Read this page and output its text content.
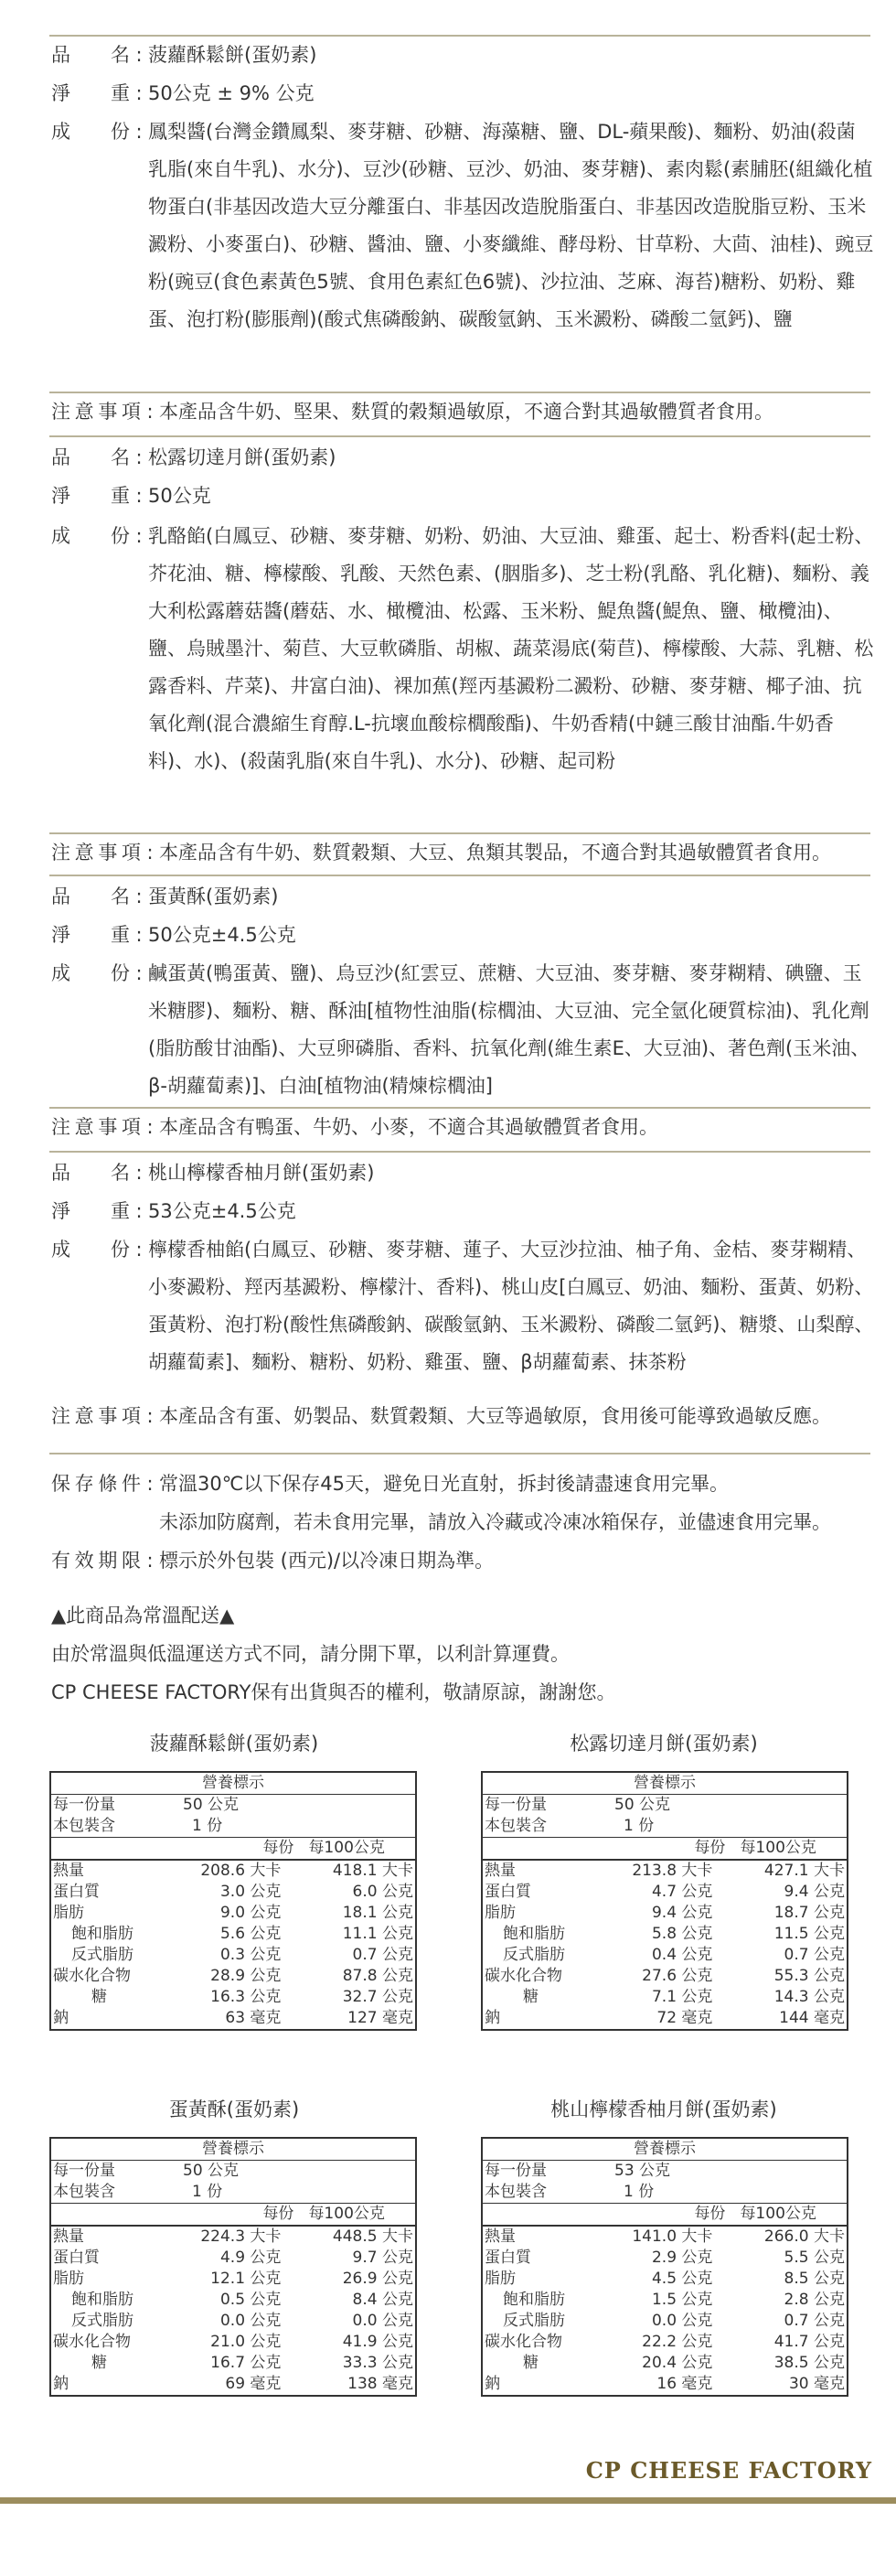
品　名 : 菠蘿酥鬆餅(蛋奶素)
淨　重 : 50公克 ± 9% 公克
成　份 : 鳳梨醬(台灣金鑽鳳梨、麥芽糖、砂糖、海藻糖、鹽、DL-蘋果酸)、麵粉、奶油(殺菌乳脂(來自牛乳)、水分)、豆沙(砂糖、豆沙、奶油、麥芽糖)、素肉鬆(素脯胚(組織化植物蛋白(非基因改造大豆分離蛋白、非基因改造脫脂蛋白、非基因改造脫脂豆粉、玉米澱粉、小麥蛋白)、砂糖、醬油、鹽、小麥纖維、酵母粉、甘草粉、大茴、油桂)、豌豆粉(豌豆(食色素黃色5號、食用色素紅色6號)、沙拉油、芝麻、海苔)糖粉、奶粉、雞蛋、泡打粉(膨脹劑)(酸式焦磷酸鈉、碳酸氫鈉、玉米澱粉、磷酸二氫鈣)、鹽
注意事項 : 本產品含牛奶、堅果、麩質的穀類過敏原，不適合對其過敏體質者食用。
品　名 : 松露切達月餅(蛋奶素)
淨　重 : 50公克
成　份 : 乳酪餡(白鳳豆、砂糖、麥芽糖、奶粉、奶油、大豆油、雞蛋、起士、粉香料(起士粉、芥花油、糖、檸檬酸、乳酸、天然色素、(胭脂多)、芝士粉(乳酪、乳化糖)、麵粉、義大利松露蘑菇醬(蘑菇、水、橄欖油、松露、玉米粉、鯷魚醬(鯷魚、鹽、橄欖油)、鹽、烏賊墨汁、菊苣、大豆軟磷脂、胡椒、蔬菜湯底(菊苣)、檸檬酸、大蒜、乳糖、松露香料、芹菜)、井富白油)、裸加蕉(羥丙基澱粉二澱粉、砂糖、麥芽糖、椰子油、抗氧化劑(混合濃縮生育醇.L-抗壞血酸棕櫚酸酯)、牛奶香精(中鏈三酸甘油酯.牛奶香料)、水)、(殺菌乳脂(來自牛乳)、水分)、砂糖、起司粉
注意事項 : 本產品含有牛奶、麩質穀類、大豆、魚類其製品，不適合對其過敏體質者食用。
品　名 : 蛋黃酥(蛋奶素)
淨　重 : 50公克±4.5公克
成　份 : 鹹蛋黃(鴨蛋黃、鹽)、烏豆沙(紅雲豆、蔗糖、大豆油、麥芽糖、麥芽糊精、碘鹽、玉米糖膠)、麵粉、糖、酥油[植物性油脂(棕櫚油、大豆油、完全氫化硬質棕油)、乳化劑(脂肪酸甘油酯)、大豆卵磷脂、香料、抗氧化劑(維生素E、大豆油)、著色劑(玉米油、β-胡蘿蔔素)]、白油[植物油(精煉棕櫚油]
注意事項 : 本產品含有鴨蛋、牛奶、小麥，不適合其過敏體質者食用。
品　名 : 桃山檸檬香柚月餅(蛋奶素)
淨　重 : 53公克±4.5公克
成　份 : 檸檬香柚餡(白鳳豆、砂糖、麥芽糖、蓮子、大豆沙拉油、柚子角、金桔、麥芽糊精、小麥澱粉、羥丙基澱粉、檸檬汁、香料)、桃山皮[白鳳豆、奶油、麵粉、蛋黃、奶粉、蛋黃粉、泡打粉(酸性焦磷酸鈉、碳酸氫鈉、玉米澱粉、磷酸二氫鈣)、糖漿、山梨醇、胡蘿蔔素]、麵粉、糖粉、奶粉、雞蛋、鹽、β胡蘿蔔素、抹茶粉
注意事項 : 本產品含有蛋、奶製品、麩質穀類、大豆等過敏原，食用後可能導致過敏反應。
保存條件 : 常溫30℃以下保存45天，避免日光直射，拆封後請盡速食用完畢。
未添加防腐劑，若未食用完畢，請放入冷藏或冷凍冰箱保存，並儘速食用完畢。
有效期限 : 標示於外包裝 (西元)/以冷凍日期為準。
▲此商品為常溫配送▲
由於常溫與低溫運送方式不同，請分開下單，以利計算運費。
CP CHEESE FACTORY保有出貨與否的權利，敬請原諒，謝謝您。
菠蘿酥鬆餅(蛋奶素)	松露切達月餅(蛋奶素)
蛋黃酥(蛋奶素)	桃山檸檬香柚月餅(蛋奶素)
營養標示		
每一份量	50 公克	
本包裝含	1 份	
	每份	每100公克
熱量	208.6 大卡	418.1 大卡
蛋白質	3.0 公克	6.0 公克
脂肪	9.0 公克	18.1 公克
飽和脂肪	5.6 公克	11.1 公克
反式脂肪	0.3 公克	0.7 公克
碳水化合物	28.9 公克	87.8 公克
糖	16.3 公克	32.7 公克
鈉	63 毫克	127 毫克
營養標示		
每一份量	50 公克	
本包裝含	1 份	
	每份	每100公克
熱量	213.8 大卡	427.1 大卡
蛋白質	4.7 公克	9.4 公克
脂肪	9.4 公克	18.7 公克
飽和脂肪	5.8 公克	11.5 公克
反式脂肪	0.4 公克	0.7 公克
碳水化合物	27.6 公克	55.3 公克
糖	7.1 公克	14.3 公克
鈉	72 毫克	144 毫克
營養標示		
每一份量	50 公克	
本包裝含	1 份	
	每份	每100公克
熱量	224.3 大卡	448.5 大卡
蛋白質	4.9 公克	9.7 公克
脂肪	12.1 公克	26.9 公克
飽和脂肪	0.5 公克	8.4 公克
反式脂肪	0.0 公克	0.0 公克
碳水化合物	21.0 公克	41.9 公克
糖	16.7 公克	33.3 公克
鈉	69 毫克	138 毫克
營養標示		
每一份量	53 公克	
本包裝含	1 份	
	每份	每100公克
熱量	141.0 大卡	266.0 大卡
蛋白質	2.9 公克	5.5 公克
脂肪	4.5 公克	8.5 公克
飽和脂肪	1.5 公克	2.8 公克
反式脂肪	0.0 公克	0.7 公克
碳水化合物	22.2 公克	41.7 公克
糖	20.4 公克	38.5 公克
鈉	16 毫克	30 毫克
CP CHEESE FACTORY
